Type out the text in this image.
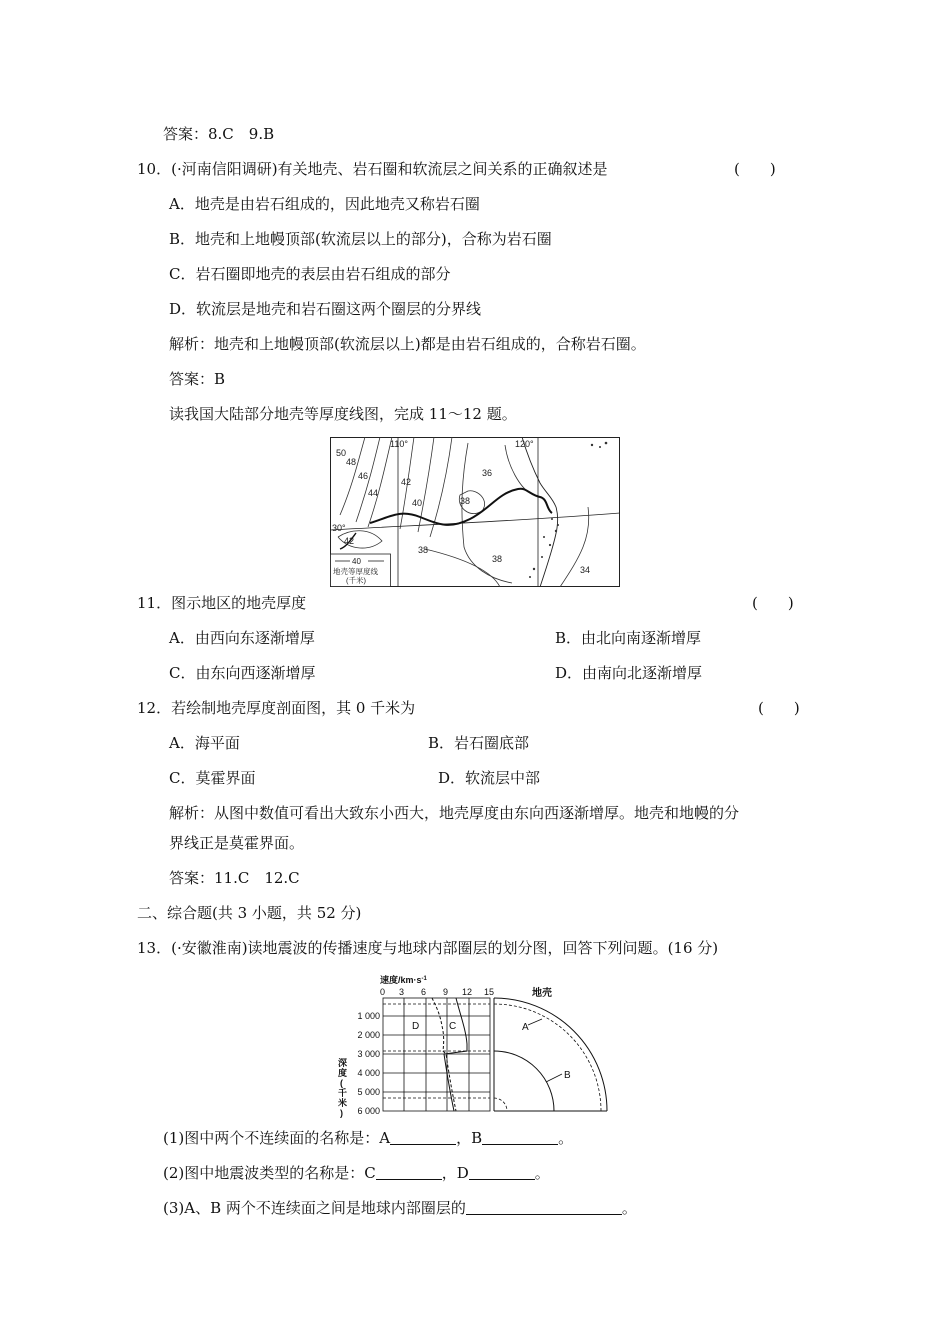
答案：8.C　9.B
10．(·河南信阳调研)有关地壳、岩石圈和软流层之间关系的正确叙述是	(　　)
A．地壳是由岩石组成的，因此地壳又称岩石圈
B．地壳和上地幔顶部(软流层以上的部分)，合称为岩石圈
C．岩石圈即地壳的表层由岩石组成的部分
D．软流层是地壳和岩石圈这两个圈层的分界线
解析：地壳和上地幔顶部(软流层以上)都是由岩石组成的，合称岩石圈。
答案：B
读我国大陆部分地壳等厚度线图，完成 11～12 题。
110°	120°
30°
50
48
46
44
42
40	38
36
38
42
38
34
40
地壳等厚度线
(千米)
11．图示地区的地壳厚度	(　　)
A．由西向东逐渐增厚	B．由北向南逐渐增厚
C．由东向西逐渐增厚	D．由南向北逐渐增厚
12．若绘制地壳厚度剖面图，其 0 千米为	(　　)
A．海平面	B．岩石圈底部
C．莫霍界面	D．软流层中部
解析：从图中数值可看出大致东小西大，地壳厚度由东向西逐渐增厚。地壳和地幔的分
界线正是莫霍界面。
答案：11.C　12.C
二、综合题(共 3 小题，共 52 分)
13．(·安徽淮南)读地震波的传播速度与地球内部圈层的划分图，回答下列问题。(16 分)
速度$/km\cdot s^{-1}$
0 3 6 9 12 15
D	C
1 000
2 000
3 000
4 000
5 000
6 000
深
度
(
千
米
)
A
B
地壳
(1)图中两个不连续面的名称是：A	，B	。
(2)图中地震波类型的名称是：C	，D	。
(3)A、B 两个不连续面之间是地球内部圈层的	。
